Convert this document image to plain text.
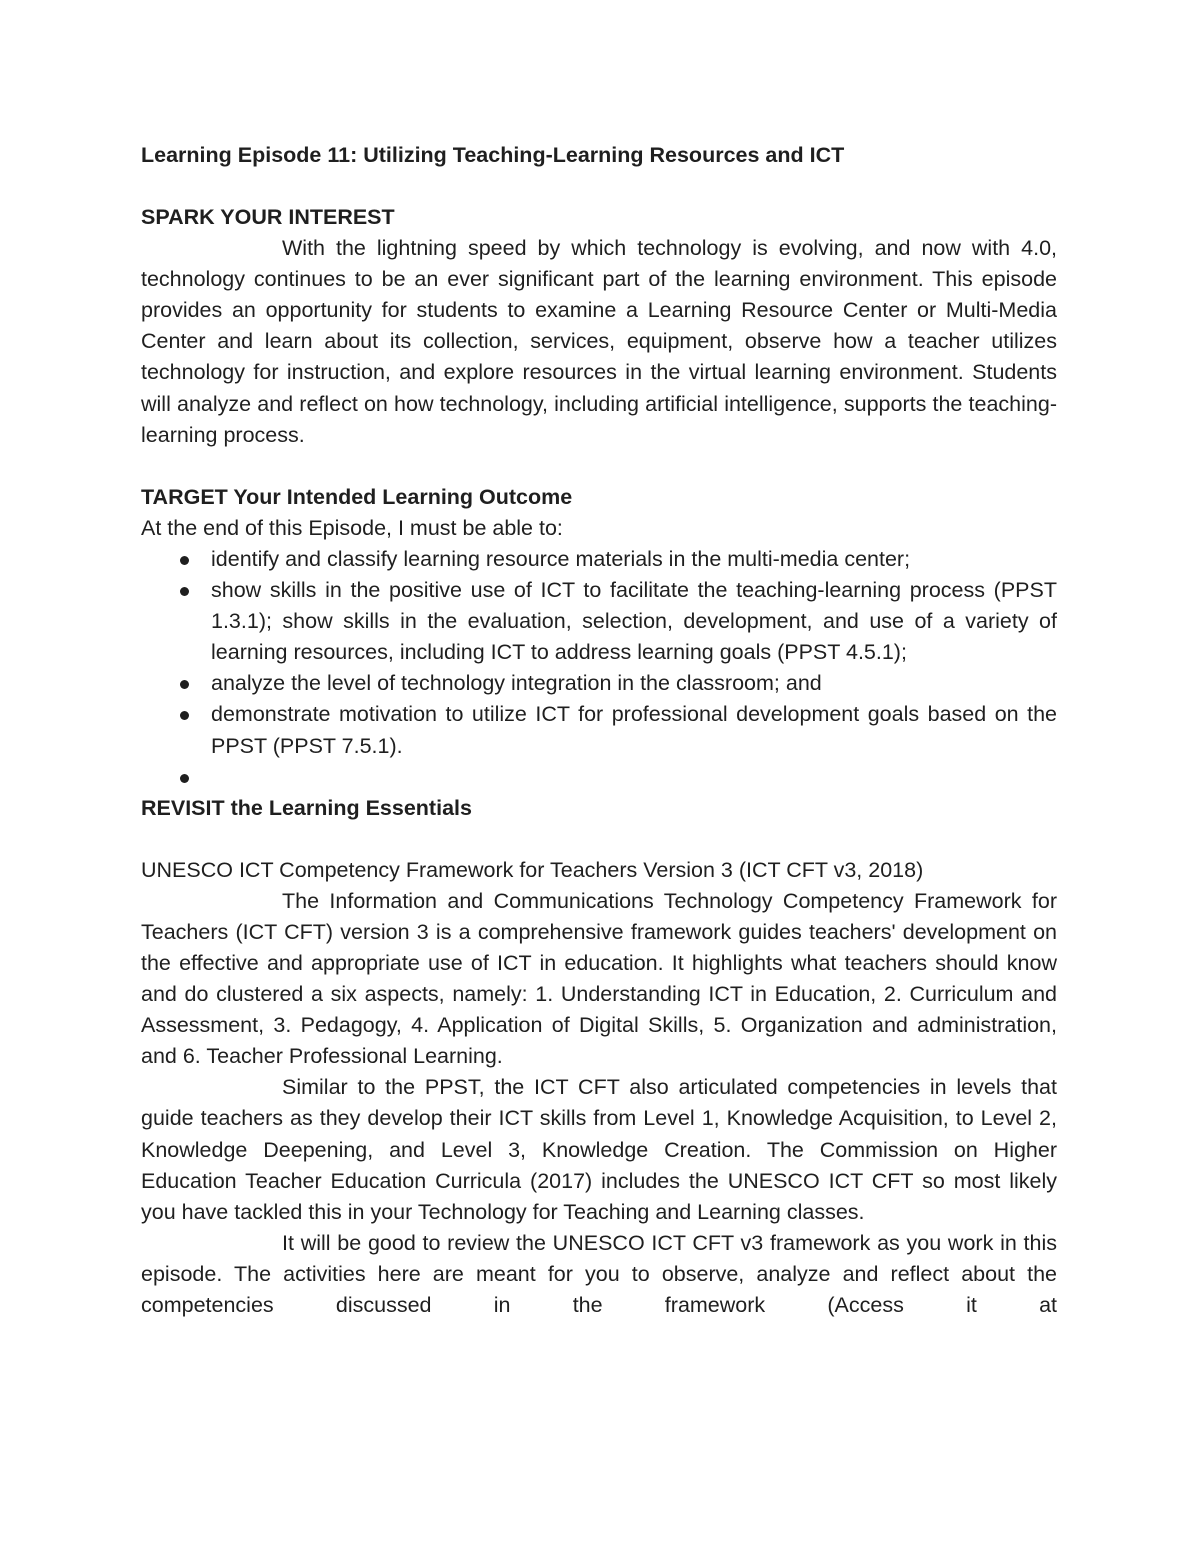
Learning Episode 11: Utilizing Teaching-Learning Resources and ICT

SPARK YOUR INTEREST

With the lightning speed by which technology is evolving, and now with 4.0, technology continues to be an ever significant part of the learning environment. This episode provides an opportunity for students to examine a Learning Resource Center or Multi-Media Center and learn about its collection, services, equipment, observe how a teacher utilizes technology for instruction, and explore resources in the virtual learning environment. Students will analyze and reflect on how technology, including artificial intelligence, supports the teaching-learning process.

TARGET Your Intended Learning Outcome

At the end of this Episode, I must be able to:

identify and classify learning resource materials in the multi-media center;
show skills in the positive use of ICT to facilitate the teaching-learning process (PPST 1.3.1); show skills in the evaluation, selection, development, and use of a variety of learning resources, including ICT to address learning goals (PPST 4.5.1);
analyze the level of technology integration in the classroom; and
demonstrate motivation to utilize ICT for professional development goals based on the PPST (PPST 7.5.1).

REVISIT the Learning Essentials

UNESCO ICT Competency Framework for Teachers Version 3 (ICT CFT v3, 2018)

The Information and Communications Technology Competency Framework for Teachers (ICT CFT) version 3 is a comprehensive framework guides teachers' development on the effective and appropriate use of ICT in education. It highlights what teachers should know and do clustered a six aspects, namely: 1. Understanding ICT in Education, 2. Curriculum and Assessment, 3. Pedagogy, 4. Application of Digital Skills, 5. Organization and administration, and 6. Teacher Professional Learning.

Similar to the PPST, the ICT CFT also articulated competencies in levels that guide teachers as they develop their ICT skills from Level 1, Knowledge Acquisition, to Level 2, Knowledge Deepening, and Level 3, Knowledge Creation. The Commission on Higher Education Teacher Education Curricula (2017) includes the UNESCO ICT CFT so most likely you have tackled this in your Technology for Teaching and Learning classes.

It will be good to review the UNESCO ICT CFT v3 framework as you work in this episode. The activities here are meant for you to observe, analyze and reflect about the competencies discussed in the framework (Access it at
